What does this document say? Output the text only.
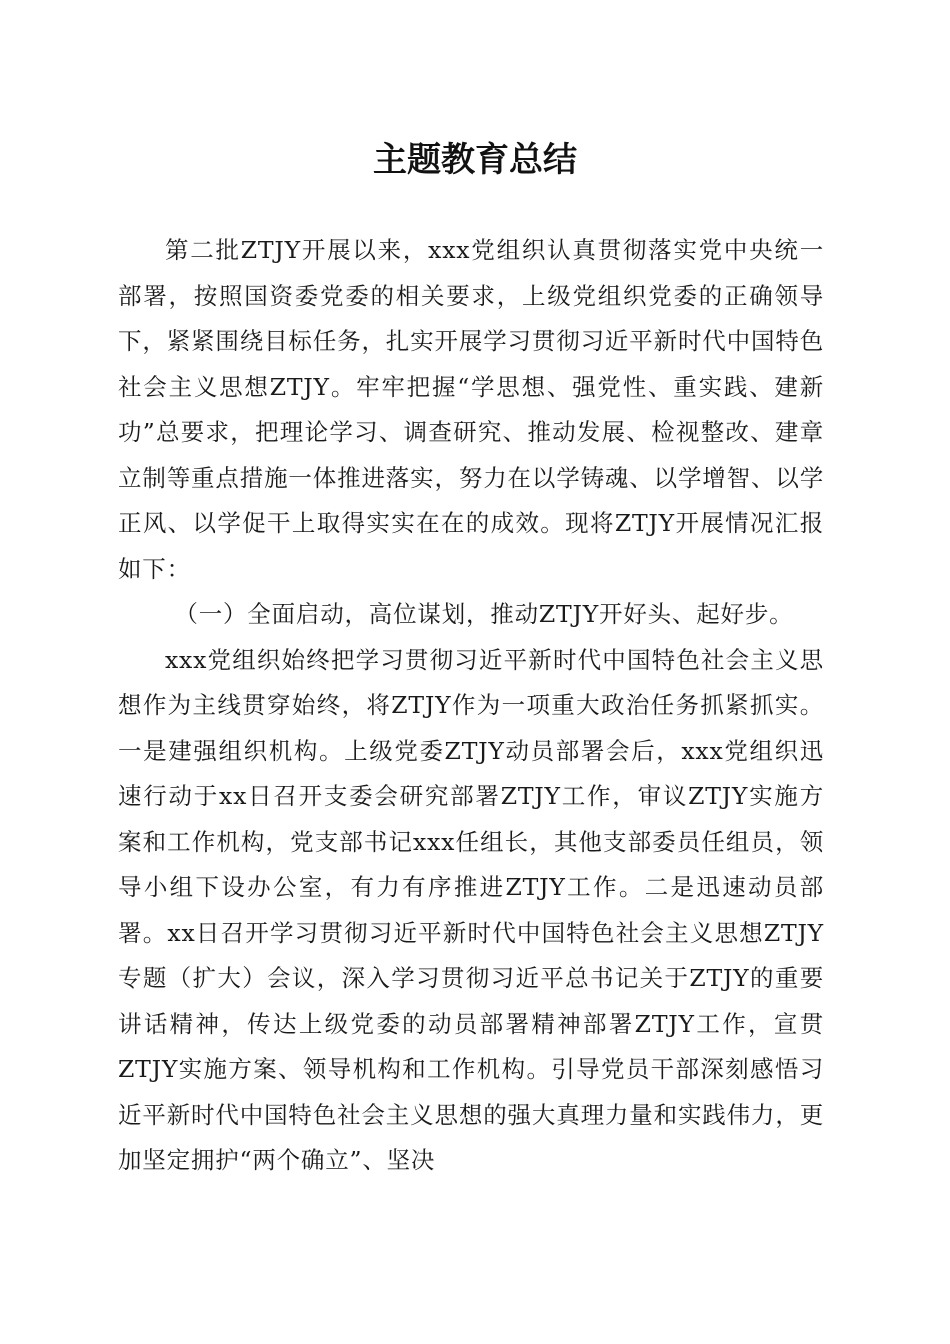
主题教育总结

第二批ZTJY开展以来，xxx党组织认真贯彻落实党中央统一部署，按照国资委党委的相关要求，上级党组织党委的正确领导下，紧紧围绕目标任务，扎实开展学习贯彻习近平新时代中国特色社会主义思想ZTJY。牢牢把握“学思想、强党性、重实践、建新功”总要求，把理论学习、调查研究、推动发展、检视整改、建章立制等重点措施一体推进落实，努力在以学铸魂、以学增智、以学正风、以学促干上取得实实在在的成效。现将ZTJY开展情况汇报如下：

（一）全面启动，高位谋划，推动ZTJY开好头、起好步。

xxx党组织始终把学习贯彻习近平新时代中国特色社会主义思想作为主线贯穿始终，将ZTJY作为一项重大政治任务抓紧抓实。一是建强组织机构。上级党委ZTJY动员部署会后，xxx党组织迅速行动于xx日召开支委会研究部署ZTJY工作，审议ZTJY实施方案和工作机构，党支部书记xxx任组长，其他支部委员任组员，领导小组下设办公室，有力有序推进ZTJY工作。二是迅速动员部署。xx日召开学习贯彻习近平新时代中国特色社会主义思想ZTJY专题（扩大）会议，深入学习贯彻习近平总书记关于ZTJY的重要讲话精神，传达上级党委的动员部署精神部署ZTJY工作，宣贯ZTJY实施方案、领导机构和工作机构。引导党员干部深刻感悟习近平新时代中国特色社会主义思想的强大真理力量和实践伟力，更加坚定拥护“两个确立”、坚决
